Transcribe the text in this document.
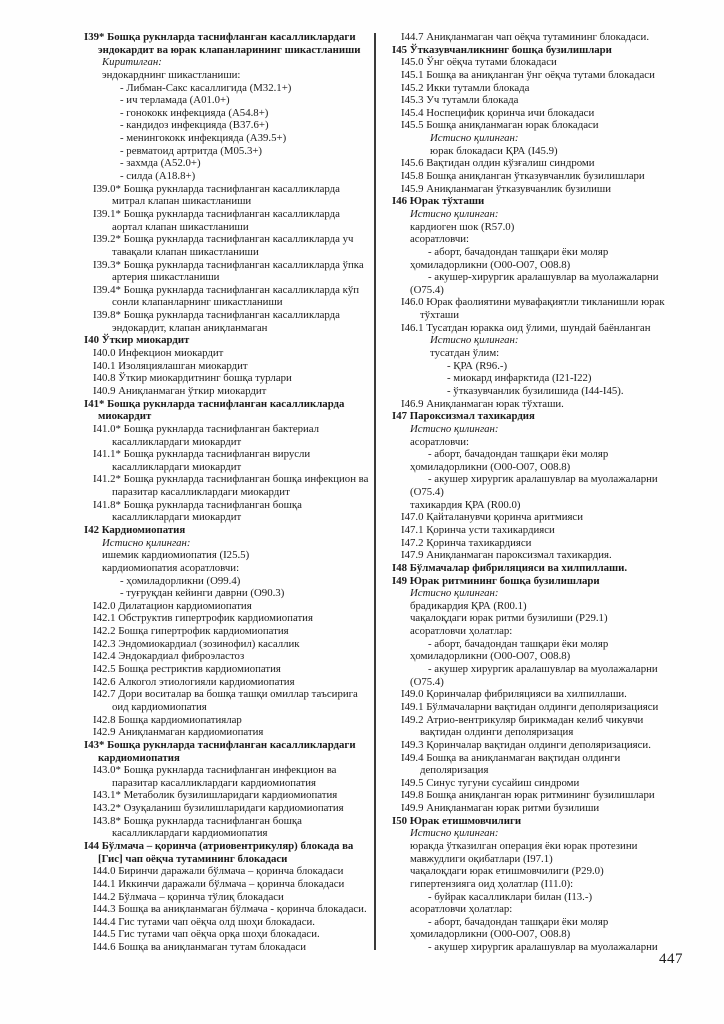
I39* Бошқа рукнларда таснифланган касалликлардаги
эндокардит ва юрак клапанларининг шикастланиши
Киритилган:
эндокарднинг шикастланиши:
- Либман-Сакс касаллигида (M32.1+)
- ич терламада (A01.0+)
- гонококк инфекцияда (A54.8+)
- кандидоз инфекцияда (B37.6+)
- менингококк инфекцияда (A39.5+)
- ревматоид артритда (M05.3+)
- захмда (A52.0+)
- силда (A18.8+)
I39.0* Бошқа рукнларда таснифланган касалликларда
митрал клапан шикастланиши
I39.1* Бошқа рукнларда таснифланган касалликларда
аортал клапан шикастланиши
I39.2* Бошқа рукнларда таснифланган касалликларда уч
тавақали клапан шикастланиши
I39.3* Бошқа рукнларда таснифланган касалликларда ўпка
артерия шикастланиши
I39.4* Бошқа рукнларда таснифланган касалликларда кўп
сонли клапанларнинг шикастланиши
I39.8* Бошқа рукнларда таснифланган касалликларда
эндокардит, клапан аниқланмаган
I40 Ўткир миокардит
I40.0 Инфекцион миокардит
I40.1 Изоляциялашган миокардит
I40.8 Ўткир миокардитнинг бошқа турлари
I40.9 Аниқланмаган ўткир миокардит
I41* Бошқа рукнларда таснифланган касалликларда
миокардит
I41.0* Бошқа рукнларда таснифланган бактериал
касалликлардаги миокардит
I41.1* Бошқа рукнларда таснифланган вирусли
касалликлардаги миокардит
I41.2* Бошқа рукнларда таснифланган бошқа инфекцион ва
паразитар касалликлардаги миокардит
I41.8* Бошқа рукнларда таснифланган бошқа
касалликлардаги миокардит
I42 Кардиомиопатия
Истисно қилинган:
ишемик кардиомиопатия (I25.5)
кардиомиопатия асоратловчи:
- ҳомиладорликни (O99.4)
- туғруқдан кейинги даврни (O90.3)
I42.0 Дилатацион кардиомиопатия
I42.1 Обструктив гипертрофик кардиомиопатия
I42.2 Бошқа гипертрофик кардиомиопатия
I42.3 Эндомиокардиал (зозинофил) касаллик
I42.4 Эндокардиал фиброэластоз
I42.5 Бошқа рестриктив кардиомиопатия
I42.6 Алкогол этиологияли кардиомиопатия
I42.7 Дори воситалар ва бошқа ташқи омиллар таъсирига
оид кардиомиопатия
I42.8 Бошқа кардиомиопатиялар
I42.9 Аниқланмаган кардиомиопатия
I43* Бошқа рукнларда таснифланган касалликлардаги
кардиомиопатия
I43.0* Бошқа рукнларда таснифланган инфекцион ва
паразитар касалликлардаги кардиомиопатия
I43.1* Метаболик бузилишларидаги кардиомиопатия
I43.2* Озуқаланиш бузилишларидаги кардиомиопатия
I43.8* Бошқа рукнларда таснифланган бошқа
касалликлардаги кардиомиопатия
I44 Бўлмача – қоринча (атриовентрикуляр) блокада ва
[Гис] чап оёқча тутамининг блокадаси
I44.0 Биринчи даражали бўлмача – қоринча блокадаси
I44.1 Иккинчи даражали бўлмача – қоринча блокадаси
I44.2 Бўлмача – қоринча тўлиқ блокадаси
I44.3 Бошқа ва аниқланмаган бўлмача - қоринча блокадаси.
I44.4 Гис тутами чап оёқча олд шоҳи блокадаси.
I44.5 Гис тутами чап оёқча орқа шоҳи блокадаси.
I44.6 Бошқа ва аниқланмаган тутам блокадаси
I44.7 Аниқланмаган чап оёқча тутамининг блокадаси.
I45 Ўтказувчанликнинг бошқа бузилишлари
I45.0 Ўнг оёқча тутами блокадаси
I45.1 Бошқа ва аниқланган ўнг оёқча тутами блокадаси
I45.2 Икки тутамли блокада
I45.3 Уч тутамли блокада
I45.4 Носпецифик қоринча ичи блокадаси
I45.5 Бошқа аниқланмаган юрак блокадаси
Истисно қилинган:
юрак блокадаси ҚРА (I45.9)
I45.6 Вақтидан олдин кўзғалиш синдроми
I45.8 Бошқа аниқланган ўтказувчанлик бузилишлари
I45.9 Аниқланмаган ўтказувчанлик бузилиши
I46 Юрак тўхташи
Истисно қилинган:
кардиоген шок (R57.0)
асоратловчи:
- аборт, бачадондан ташқари ёки моляр
ҳомиладорликни (O00-O07, O08.8)
- акушер-хирургик аралашувлар ва муолажаларни
(O75.4)
I46.0 Юрак фаолиятини мувафақиятли тикланишли юрак
тўхташи
I46.1 Тусатдан юракка оид ўлими, шундай баёнланган
Истисно қилинган:
тусатдан ўлим:
- ҚРА (R96.-)
- миокард инфарктида (I21-I22)
- ўтказувчанлик бузилишида (I44-I45).
I46.9 Аниқланмаган юрак тўхташи.
I47 Пароксизмал тахикардия
Истисно қилинган:
асоратловчи:
- аборт, бачадондан ташқари ёки моляр
ҳомиладорликни (O00-O07, O08.8)
- акушер хирургик аралашувлар ва муолажаларни
(O75.4)
тахикардия ҚРА (R00.0)
I47.0 Қайталанувчи қоринча аритмияси
I47.1 Қоринча усти тахикардияси
I47.2 Қоринча тахикардияси
I47.9 Аниқланмаган пароксизмал тахикардия.
I48 Бўлмачалар фибриляцияси ва хилпиллаши.
I49 Юрак ритмининг бошқа бузилишлари
Истисно қилинган:
брадикардия ҚРА (R00.1)
чақалоқдаги юрак ритми бузилиши (P29.1)
асоратловчи ҳолатлар:
- аборт, бачадондан ташқари ёки моляр
ҳомиладорликни (O00-O07, O08.8)
- акушер хирургик аралашувлар ва муолажаларни
(O75.4)
I49.0 Қоринчалар фибриляцияси ва хилпиллаши.
I49.1 Бўлмачаларни вақтидан олдинги деполяризацияси
I49.2 Атрио-вентрикуляр бирикмадан келиб чикувчи
вақтидан олдинги деполяризация
I49.3 Қоринчалар вақтидан олдинги деполяризацияси.
I49.4 Бошқа ва аниқланмаган вақтидан олдинги
деполяризация
I49.5 Синус тугуни сусайиш синдроми
I49.8 Бошқа аниқланган юрак ритмининг бузилишлари
I49.9 Аниқланмаган юрак ритми бузилиши
I50 Юрак етишмовчилиги
Истисно қилинган:
юракда ўтказилган операция ёки юрак протезини
мавжудлиги оқибатлари (I97.1)
чақалоқдаги юрак етишмовчилиги (P29.0)
гипертензияга оид ҳолатлар (I11.0):
- буйрак касалликлари билан (I13.-)
асоратловчи ҳолатлар:
- аборт, бачадондан ташқари ёки моляр
ҳомиладорликни (O00-O07, O08.8)
- акушер хирургик аралашувлар ва муолажаларни
447
